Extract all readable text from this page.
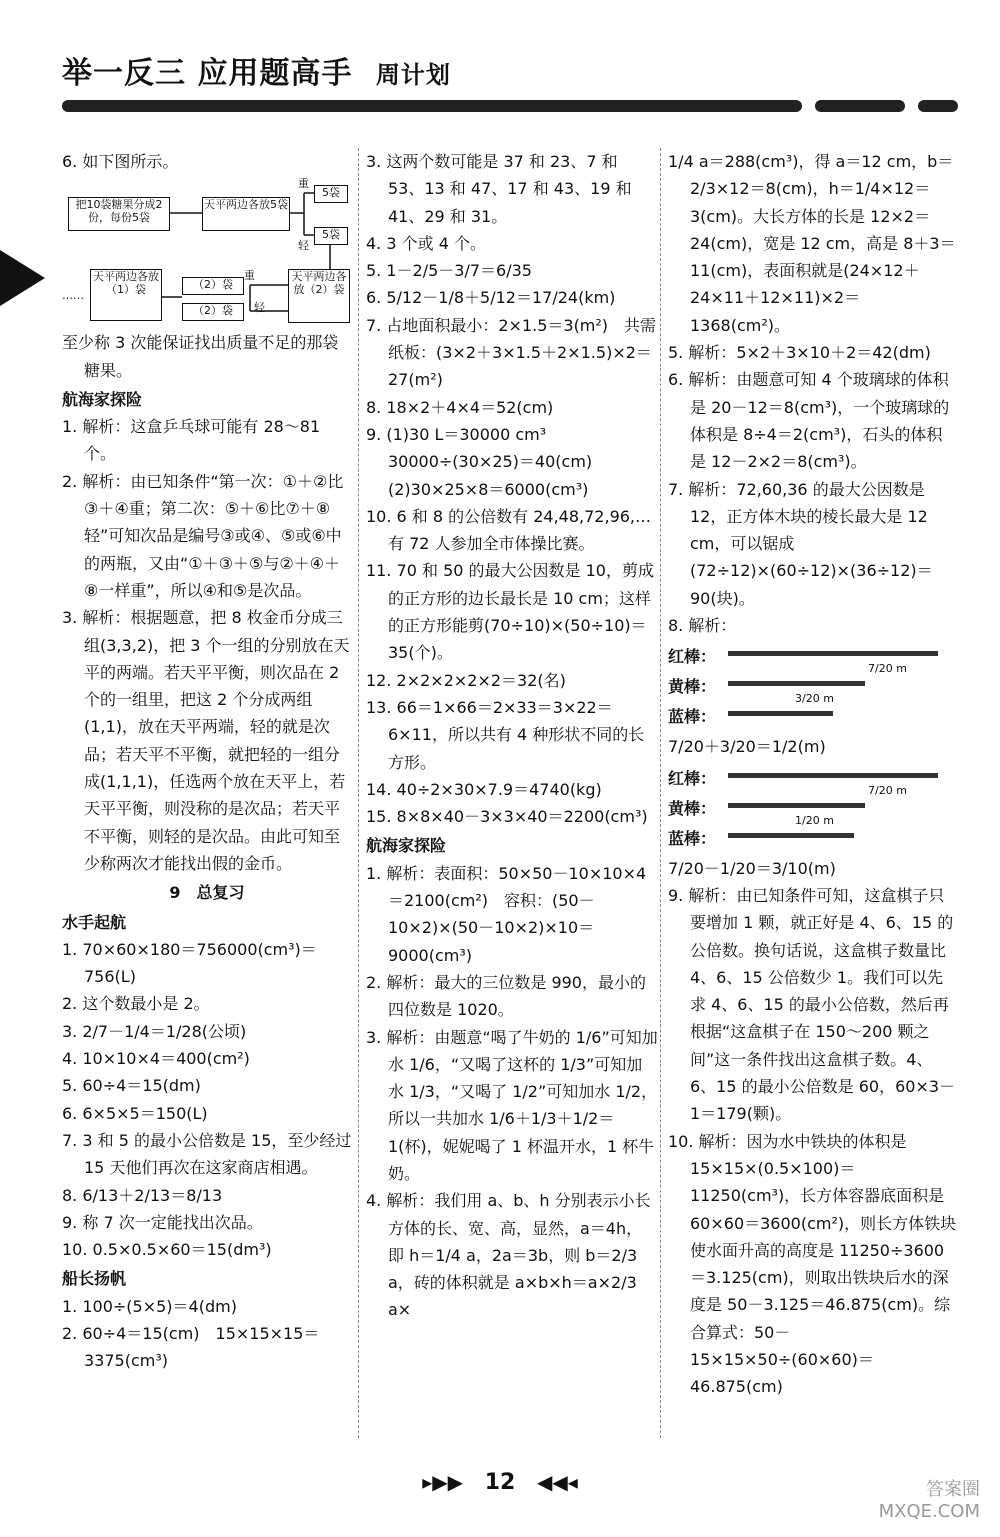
举一反三 应用题高手 周计划

6. 如下图所示。

把10袋糖果分成2份，每份5袋
天平两边各放5袋
重
轻
5袋
5袋
天平两边各放（2）袋
（2）袋
（2）袋
重
轻
天平两边各放（1）袋
……

至少称 3 次能保证找出质量不足的那袋糖果。

航海家探险

1. 解析：这盒乒乓球可能有 28～81 个。

2. 解析：由已知条件“第一次：①＋②比③＋④重；第二次：⑤＋⑥比⑦＋⑧轻”可知次品是编号③或④、⑤或⑥中的两瓶，又由“①＋③＋⑤与②＋④＋⑧一样重”，所以④和⑤是次品。

3. 解析：根据题意，把 8 枚金币分成三组(3,3,2)，把 3 个一组的分别放在天平的两端。若天平平衡，则次品在 2 个的一组里，把这 2 个分成两组(1,1)，放在天平两端，轻的就是次品；若天平不平衡，就把轻的一组分成(1,1,1)，任选两个放在天平上，若天平平衡，则没称的是次品；若天平不平衡，则轻的是次品。由此可知至少称两次才能找出假的金币。

9　总复习

水手起航

1. 70×60×180＝756000(cm³)＝756(L)

2. 这个数最小是 2。

3. 2/7－1/4＝1/28(公顷)

4. 10×10×4＝400(cm²)

5. 60÷4＝15(dm)

6. 6×5×5＝150(L)

7. 3 和 5 的最小公倍数是 15，至少经过 15 天他们再次在这家商店相遇。

8. 6/13＋2/13＝8/13

9. 称 7 次一定能找出次品。

10. 0.5×0.5×60＝15(dm³)

船长扬帆

1. 100÷(5×5)＝4(dm)

2. 60÷4＝15(cm)　15×15×15＝3375(cm³)

3. 这两个数可能是 37 和 23、7 和 53、13 和 47、17 和 43、19 和 41、29 和 31。

4. 3 个或 4 个。

5. 1－2/5－3/7＝6/35

6. 5/12－1/8＋5/12＝17/24(km)

7. 占地面积最小：2×1.5＝3(m²)　共需纸板：(3×2＋3×1.5＋2×1.5)×2＝27(m²)

8. 18×2＋4×4＝52(cm)

9. (1)30 L＝30000 cm³　30000÷(30×25)＝40(cm)　(2)30×25×8＝6000(cm³)

10. 6 和 8 的公倍数有 24,48,72,96,…　有 72 人参加全市体操比赛。

11. 70 和 50 的最大公因数是 10，剪成的正方形的边长最长是 10 cm；这样的正方形能剪(70÷10)×(50÷10)＝35(个)。

12. 2×2×2×2×2＝32(名)

13. 66＝1×66＝2×33＝3×22＝6×11，所以共有 4 种形状不同的长方形。

14. 40÷2×30×7.9＝4740(kg)

15. 8×8×40－3×3×40＝2200(cm³)

航海家探险

1. 解析：表面积：50×50－10×10×4＝2100(cm²)　容积：(50－10×2)×(50－10×2)×10＝9000(cm³)

2. 解析：最大的三位数是 990，最小的四位数是 1020。

3. 解析：由题意“喝了牛奶的 1/6”可知加水 1/6，“又喝了这杯的 1/3”可知加水 1/3，“又喝了 1/2”可知加水 1/2，所以一共加水 1/6＋1/3＋1/2＝1(杯)，妮妮喝了 1 杯温开水，1 杯牛奶。

4. 解析：我们用 a、b、h 分别表示小长方体的长、宽、高，显然，a＝4h，即 h＝1/4 a，2a＝3b，则 b＝2/3 a，砖的体积就是 a×b×h＝a×2/3 a×

1/4 a＝288(cm³)，得 a＝12 cm，b＝2/3×12＝8(cm)，h＝1/4×12＝3(cm)。大长方体的长是 12×2＝24(cm)，宽是 12 cm，高是 8＋3＝11(cm)，表面积就是(24×12＋24×11＋12×11)×2＝1368(cm²)。

5. 解析：5×2＋3×10＋2＝42(dm)

6. 解析：由题意可知 4 个玻璃球的体积是 20－12＝8(cm³)，一个玻璃球的体积是 8÷4＝2(cm³)，石头的体积是 12－2×2＝8(cm³)。

7. 解析：72,60,36 的最大公因数是 12，正方体木块的棱长最大是 12 cm，可以锯成(72÷12)×(60÷12)×(36÷12)＝90(块)。

8. 解析：

红棒：
7/20 m
黄棒：
3/20 m
蓝棒：

7/20＋3/20＝1/2(m)

红棒：
7/20 m
黄棒：
1/20 m
蓝棒：

7/20－1/20＝3/10(m)

9. 解析：由已知条件可知，这盒棋子只要增加 1 颗，就正好是 4、6、15 的公倍数。换句话说，这盒棋子数量比 4、6、15 公倍数少 1。我们可以先求 4、6、15 的最小公倍数，然后再根据“这盒棋子在 150～200 颗之间”这一条件找出这盒棋子数。4、6、15 的最小公倍数是 60，60×3－1＝179(颗)。

10. 解析：因为水中铁块的体积是 15×15×(0.5×100)＝11250(cm³)，长方体容器底面积是 60×60＝3600(cm²)，则长方体铁块使水面升高的高度是 11250÷3600＝3.125(cm)，则取出铁块后水的深度是 50－3.125＝46.875(cm)。综合算式：50－15×15×50÷(60×60)＝46.875(cm)

▸▶▶ 12 ◀◀◂	答案圈
MXQE.COM
